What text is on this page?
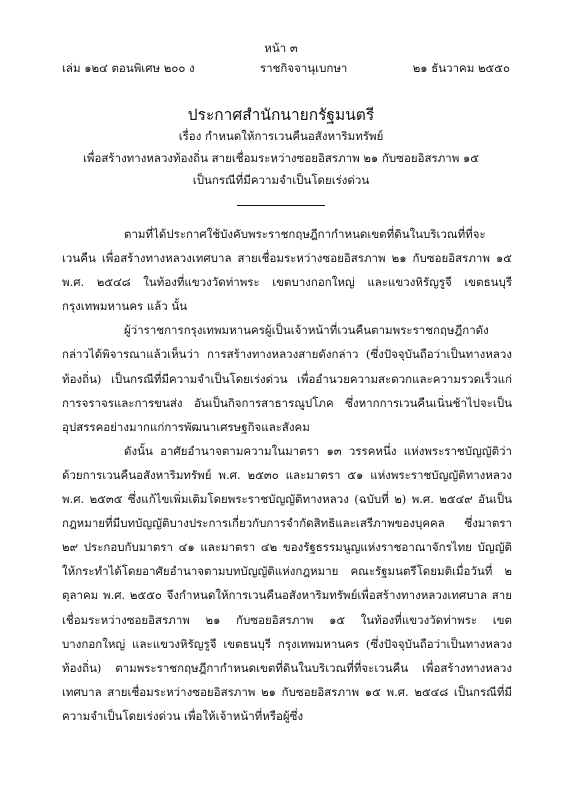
หน้า ๓
เล่ม ๑๒๔ ตอนพิเศษ ๒๐๐ ง	ราชกิจจานุเบกษา	๒๑ ธันวาคม ๒๕๕๐

ประกาศสำนักนายกรัฐมนตรี

เรื่อง กำหนดให้การเวนคืนอสังหาริมทรัพย์

เพื่อสร้างทางหลวงท้องถิ่น สายเชื่อมระหว่างซอยอิสรภาพ ๒๑ กับซอยอิสรภาพ ๑๕

เป็นกรณีที่มีความจำเป็นโดยเร่งด่วน

ตามที่ได้ประกาศใช้บังคับพระราชกฤษฎีกากำหนดเขตที่ดินในบริเวณที่ที่จะเวนคืน เพื่อสร้างทางหลวงเทศบาล สายเชื่อมระหว่างซอยอิสรภาพ ๒๑ กับซอยอิสรภาพ ๑๕ พ.ศ. ๒๕๔๘ ในท้องที่แขวงวัดท่าพระ เขตบางกอกใหญ่ และแขวงหิรัญรูจี เขตธนบุรี กรุงเทพมหานคร แล้ว นั้น

ผู้ว่าราชการกรุงเทพมหานครผู้เป็นเจ้าหน้าที่เวนคืนตามพระราชกฤษฎีกาดังกล่าวได้พิจารณาแล้วเห็นว่า การสร้างทางหลวงสายดังกล่าว (ซึ่งปัจจุบันถือว่าเป็นทางหลวงท้องถิ่น) เป็นกรณีที่มีความจำเป็นโดยเร่งด่วน เพื่ออำนวยความสะดวกและความรวดเร็วแก่การจราจรและการขนส่ง อันเป็นกิจการสาธารณูปโภค ซึ่งหากการเวนคืนเนิ่นช้าไปจะเป็นอุปสรรคอย่างมากแก่การพัฒนาเศรษฐกิจและสังคม

ดังนั้น อาศัยอำนาจตามความในมาตรา ๑๓ วรรคหนึ่ง แห่งพระราชบัญญัติว่าด้วยการเวนคืนอสังหาริมทรัพย์ พ.ศ. ๒๕๓๐ และมาตรา ๕๑ แห่งพระราชบัญญัติทางหลวง พ.ศ. ๒๕๓๕ ซึ่งแก้ไขเพิ่มเติมโดยพระราชบัญญัติทางหลวง (ฉบับที่ ๒) พ.ศ. ๒๕๔๙ อันเป็นกฎหมายที่มีบทบัญญัติบางประการเกี่ยวกับการจำกัดสิทธิและเสรีภาพของบุคคล ซึ่งมาตรา ๒๙ ประกอบกับมาตรา ๔๑ และมาตรา ๔๒ ของรัฐธรรมนูญแห่งราชอาณาจักรไทย บัญญัติให้กระทำได้โดยอาศัยอำนาจตามบทบัญญัติแห่งกฎหมาย คณะรัฐมนตรีโดยมติเมื่อวันที่ ๒ ตุลาคม พ.ศ. ๒๕๕๐ จึงกำหนดให้การเวนคืนอสังหาริมทรัพย์เพื่อสร้างทางหลวงเทศบาล สายเชื่อมระหว่างซอยอิสรภาพ ๒๑ กับซอยอิสรภาพ ๑๕ ในท้องที่แขวงวัดท่าพระ เขตบางกอกใหญ่ และแขวงหิรัญรูจี เขตธนบุรี กรุงเทพมหานคร (ซึ่งปัจจุบันถือว่าเป็นทางหลวงท้องถิ่น) ตามพระราชกฤษฎีกากำหนดเขตที่ดินในบริเวณที่ที่จะเวนคืน เพื่อสร้างทางหลวงเทศบาล สายเชื่อมระหว่างซอยอิสรภาพ ๒๑ กับซอยอิสรภาพ ๑๕ พ.ศ. ๒๕๔๘ เป็นกรณีที่มีความจำเป็นโดยเร่งด่วน เพื่อให้เจ้าหน้าที่หรือผู้ซึ่ง
